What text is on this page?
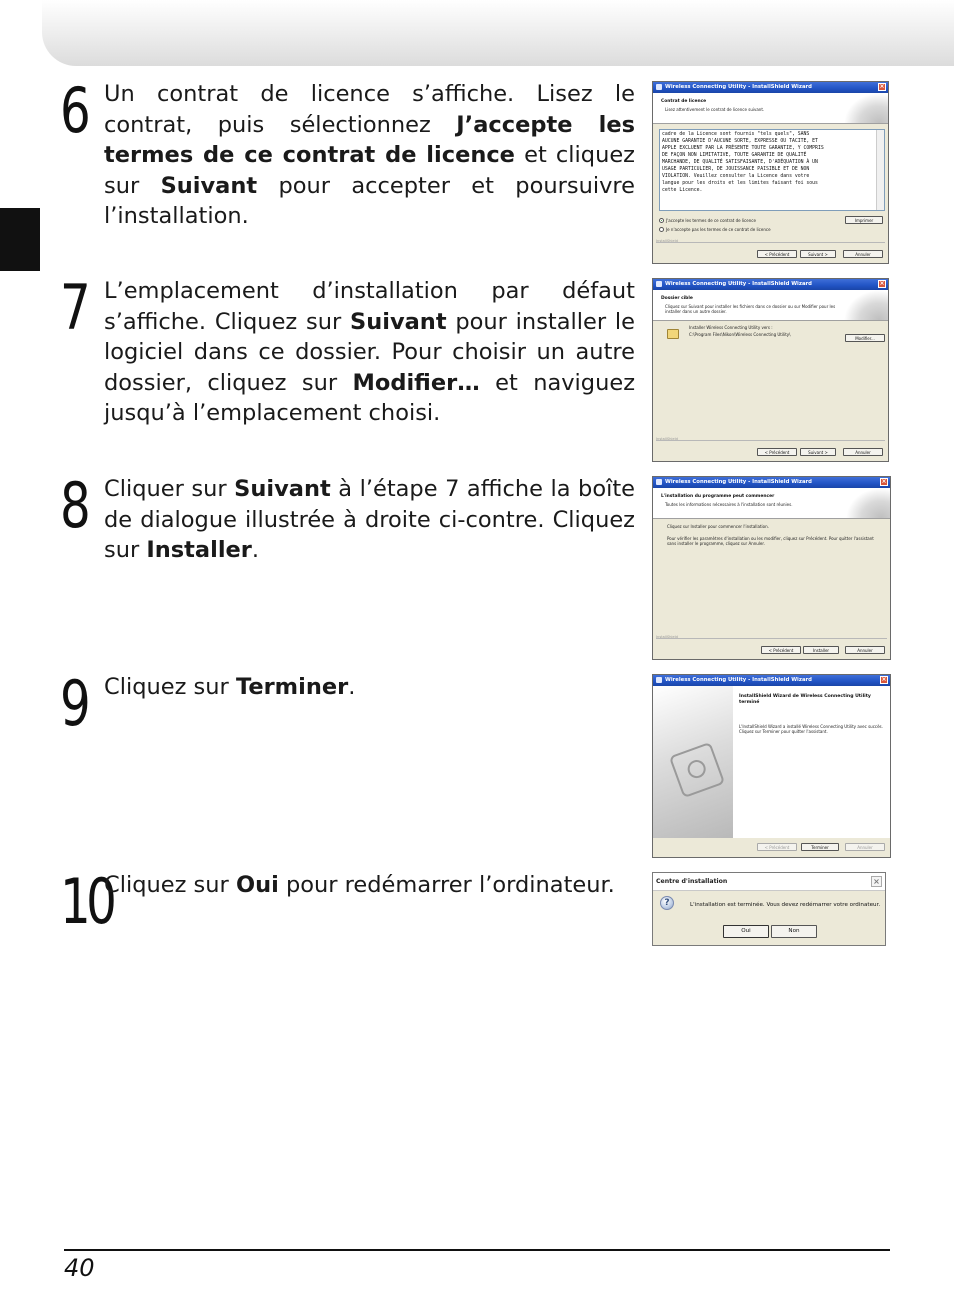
6 Un contrat de licence s’affiche. Lisez le contrat, puis sélectionnez J’accepte les termes de ce contrat de licence et cliquez sur Suivant pour accepter et poursuivre l’installation.
7 L’emplacement d’installation par défaut s’affiche. Cliquez sur Suivant pour installer le logiciel dans ce dossier. Pour choisir un autre dossier, cliquez sur Modifier… et naviguez jusqu’à l’emplacement choisi.
8 Cliquer sur Suivant à l’étape 7 affiche la boîte de dialogue illustrée à droite ci-contre. Cliquez sur Installer.
9 Cliquez sur Terminer.
10
Cliquez sur Oui pour redémarrer l’ordinateur.
Wireless Connecting Utility - InstallShield Wizard	×
Contrat de licence
Lisez attentivement le contrat de licence suivant.
cadre de la Licence sont fournis "tels quels", SANS
AUCUNE GARANTIE D'AUCUNE SORTE, EXPRESSE OU TACITE, ET
APPLE EXCLUENT PAR LA PRÉSENTE TOUTE GARANTIE, Y COMPRIS
DE FAÇON NON LIMITATIVE, TOUTE GARANTIE DE QUALITÉ
MARCHANDE, DE QUALITÉ SATISFAISANTE, D'ADÉQUATION À UN
USAGE PARTICULIER, DE JOUISSANCE PAISIBLE ET DE NON
VIOLATION. Veuillez consulter la Licence dans votre
langue pour les droits et les limites faisant foi sous
cette Licence.
J'accepte les termes de ce contrat de licence
Je n'accepte pas les termes de ce contrat de licence
Imprimer
InstallShield
< Précédent	Suivant >	Annuler
Wireless Connecting Utility - InstallShield Wizard	×
Dossier cible
Cliquez sur Suivant pour installer les fichiers dans ce dossier ou sur Modifier pour les installer dans un autre dossier.
Installer Wireless Connecting Utility vers :
C:\Program Files\Nikon\Wireless Connecting Utility\
Modifier...
InstallShield
< Précédent	Suivant >	Annuler
Wireless Connecting Utility - InstallShield Wizard	×
L'installation du programme peut commencer
Toutes les informations nécessaires à l'installation sont réunies.
Cliquez sur Installer pour commencer l'installation.
Pour vérifier les paramètres d'installation ou les modifier, cliquez sur Précédent. Pour quitter l'assistant sans installer le programme, cliquez sur Annuler.
InstallShield
< Précédent	Installer	Annuler
Wireless Connecting Utility - InstallShield Wizard	×
InstallShield Wizard de Wireless Connecting Utility terminé
L'InstallShield Wizard a installé Wireless Connecting Utility avec succès. Cliquez sur Terminer pour quitter l'assistant.
< Précédent	Terminer	Annuler
Centre d'installation	×
?	L'installation est terminée. Vous devez redémarrer votre ordinateur.
Oui	Non
40
